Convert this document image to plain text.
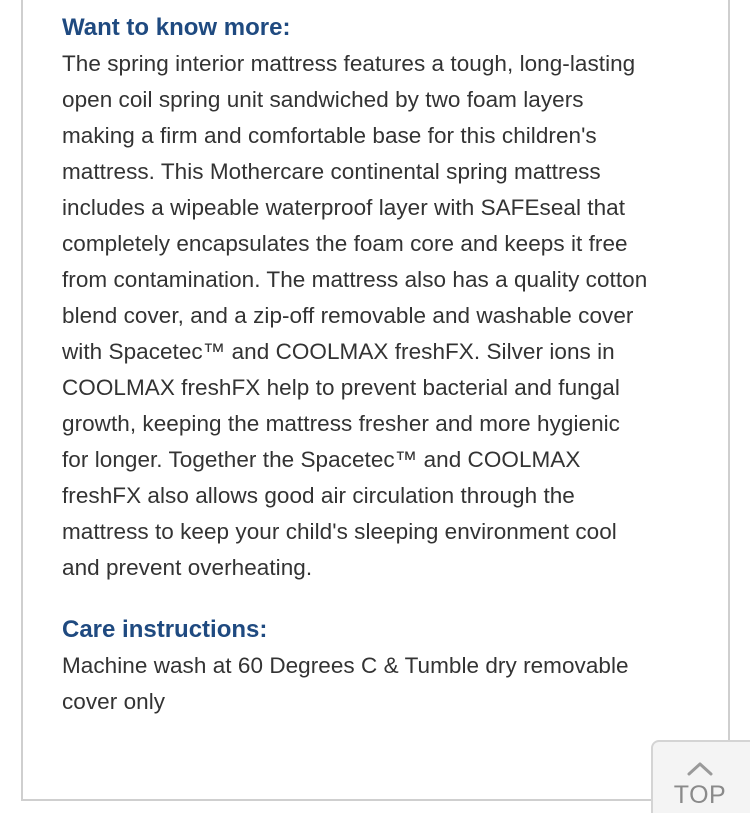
Want to know more:
The spring interior mattress features a tough, long-lasting
open coil spring unit sandwiched by two foam layers
making a firm and comfortable base for this children's
mattress. This Mothercare continental spring mattress
includes a wipeable waterproof layer with SAFEseal that
completely encapsulates the foam core and keeps it free
from contamination. The mattress also has a quality cotton
blend cover, and a zip-off removable and washable cover
with Spacetec™ and COOLMAX freshFX. Silver ions in
COOLMAX freshFX help to prevent bacterial and fungal
growth, keeping the mattress fresher and more hygienic
for longer. Together the Spacetec™ and COOLMAX
freshFX also allows good air circulation through the
mattress to keep your child's sleeping environment cool
and prevent overheating.
Care instructions:
Machine wash at 60 Degrees C & Tumble dry removable
cover only
TOP
